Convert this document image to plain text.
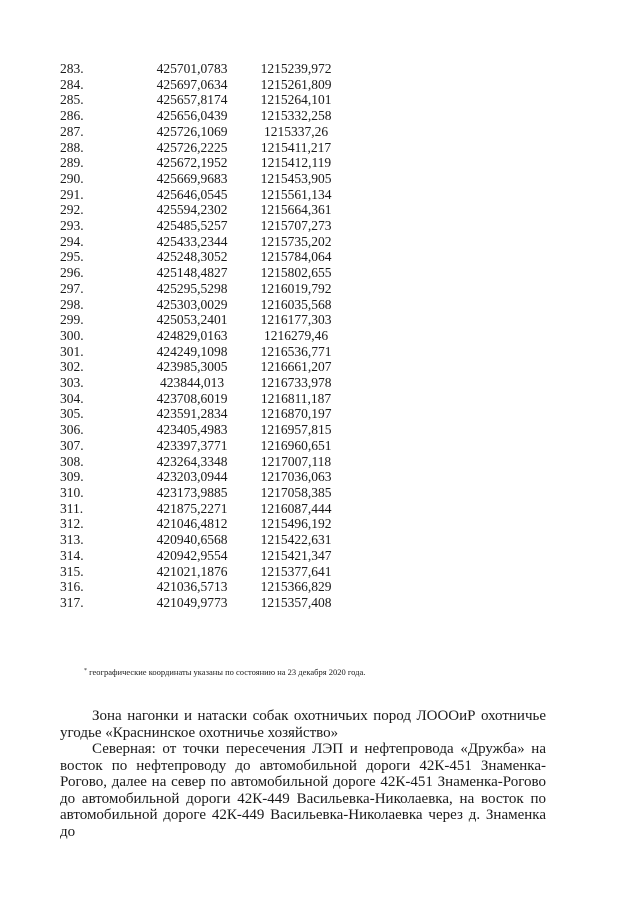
283.	425701,0783	1215239,972
284.	425697,0634	1215261,809
285.	425657,8174	1215264,101
286.	425656,0439	1215332,258
287.	425726,1069	1215337,26
288.	425726,2225	1215411,217
289.	425672,1952	1215412,119
290.	425669,9683	1215453,905
291.	425646,0545	1215561,134
292.	425594,2302	1215664,361
293.	425485,5257	1215707,273
294.	425433,2344	1215735,202
295.	425248,3052	1215784,064
296.	425148,4827	1215802,655
297.	425295,5298	1216019,792
298.	425303,0029	1216035,568
299.	425053,2401	1216177,303
300.	424829,0163	1216279,46
301.	424249,1098	1216536,771
302.	423985,3005	1216661,207
303.	423844,013	1216733,978
304.	423708,6019	1216811,187
305.	423591,2834	1216870,197
306.	423405,4983	1216957,815
307.	423397,3771	1216960,651
308.	423264,3348	1217007,118
309.	423203,0944	1217036,063
310.	423173,9885	1217058,385
311.	421875,2271	1216087,444
312.	421046,4812	1215496,192
313.	420940,6568	1215422,631
314.	420942,9554	1215421,347
315.	421021,1876	1215377,641
316.	421036,5713	1215366,829
317.	421049,9773	1215357,408
* географические координаты указаны по состоянию на 23 декабря 2020 года.

Зона нагонки и натаски собак охотничьих пород ЛОООиР охотничье угодье «Краснинское охотничье хозяйство»

Северная: от точки пересечения ЛЭП и нефтепровода «Дружба» на восток по нефтепроводу до автомобильной дороги 42К-451 Знаменка-Рогово, далее на север по автомобильной дороге 42К-451 Знаменка-Рогово до автомобильной дороги 42К-449 Васильевка-Николаевка, на восток по автомобильной дороге 42К-449 Васильевка-Николаевка через д. Знаменка до
